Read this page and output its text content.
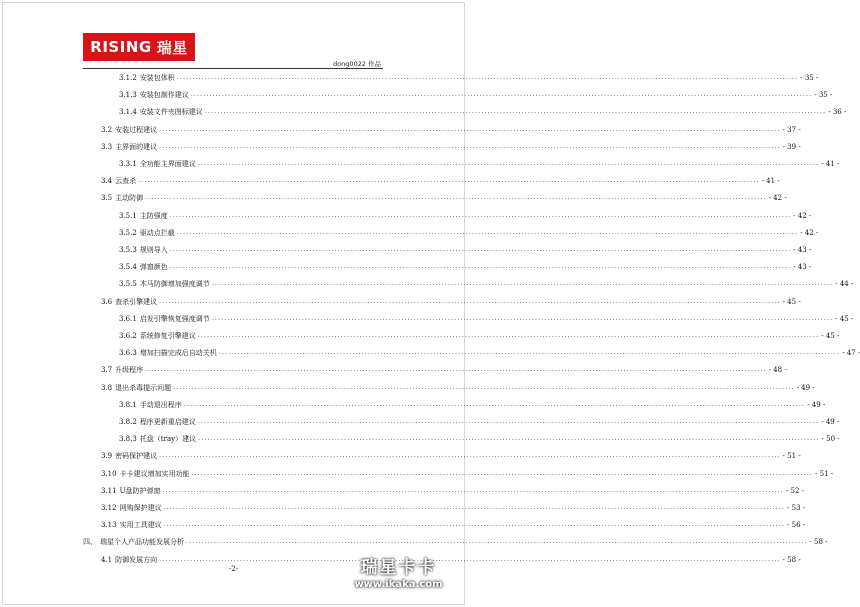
RISING 瑞星
dong0022 作品
3.1.2 安装包体积 ........................................................................................................................................................................................................ - 35 -
3.1.3 安装包制作建议 ........................................................................................................................................................................................................ - 35 -
3.1.4 安装文件夹图标建议 ........................................................................................................................................................................................................ - 36 -
3.2 安装过程建议 ........................................................................................................................................................................................................ - 37 -
3.3 主界面的建议 ........................................................................................................................................................................................................ - 39 -
3.3.1 全功能主界面建议 ........................................................................................................................................................................................................ - 41 -
3.4 云查杀 ........................................................................................................................................................................................................ - 41 -
3.5 主动防御 ........................................................................................................................................................................................................ - 42 -
3.5.1 主防强度 ........................................................................................................................................................................................................ - 42 -
3.5.2 驱动点拦截 ........................................................................................................................................................................................................ - 42 -
3.5.3 规则导入 ........................................................................................................................................................................................................ - 43 -
3.5.4 弹窗颜色 ........................................................................................................................................................................................................ - 43 -
3.5.5 木马防御增加强度调节 ........................................................................................................................................................................................................ - 44 -
3.6 查杀引擎建议 ........................................................................................................................................................................................................ - 45 -
3.6.1 启发引擎恢复强度调节 ........................................................................................................................................................................................................ - 45 -
3.6.2 系统修复引擎建议 ........................................................................................................................................................................................................ - 45 -
3.6.3 增加扫描完成后自动关机 ........................................................................................................................................................................................................ - 47 -
3.7 升级程序 ........................................................................................................................................................................................................ - 48 -
3.8 退出杀毒提示问题 ........................................................................................................................................................................................................ - 49 -
3.8.1 手动退出程序 ........................................................................................................................................................................................................ - 49 -
3.8.2 程序更新重启建议 ........................................................................................................................................................................................................ - 49 -
3.8.3 托盘（tray）建议 ........................................................................................................................................................................................................ - 50 -
3.9 密码保护建议 ........................................................................................................................................................................................................ - 51 -
3.10 卡卡建议增加实用功能 ........................................................................................................................................................................................................ - 51 -
3.11 U盘防护弹窗 ........................................................................................................................................................................................................ - 52 -
3.12 网购保护建议 ........................................................................................................................................................................................................ - 53 -
3.13 实用工具建议 ........................................................................................................................................................................................................ - 56 -
四、 瑞星个人产品功能发展分析 ........................................................................................................................................................................................................ - 58 -
4.1 防御发展方向 ........................................................................................................................................................................................................ - 58 -
-2-	瑞星卡卡
www.ikaka.com
